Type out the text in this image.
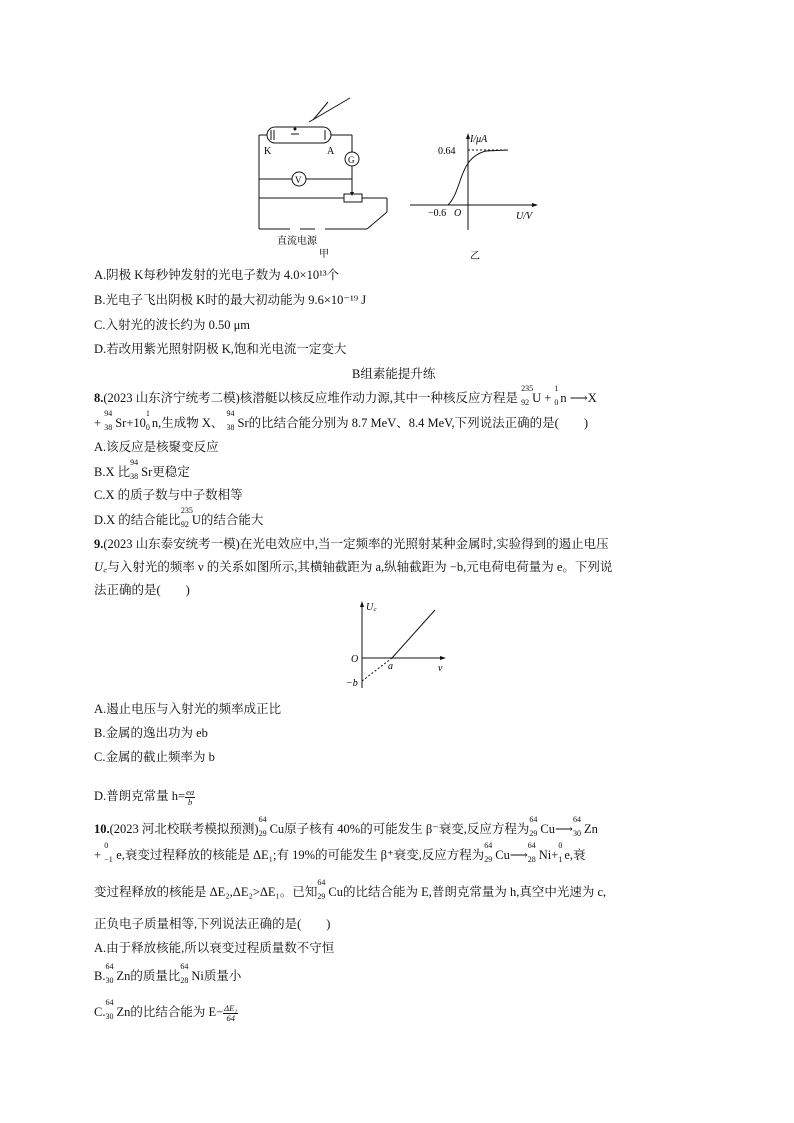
K	A
G
V
直流电源
甲
I/μA
U/V
0.64
−0.6 O
乙
A.阴极 K每秒钟发射的光电子数为 4.0×10¹³个
B.光电子飞出阴极 K时的最大初动能为 9.6×10⁻¹⁹ J
C.入射光的波长约为 0.50 μm
D.若改用紫光照射阴极 K,饱和光电流一定变大
B组素能提升练
8.(2023 山东济宁统考二模)核潜艇以核反应堆作动力源,其中一种核反应方程是
235
92 U +
1
0 n ⟶X
+
94
38 Sr+10
1
0 n,生成物 X、
94
38 Sr的比结合能分别为 8.7 MeV、8.4 MeV,下列说法正确的是(　　)
A.该反应是核聚变反应
B.X 比
94
38 Sr更稳定
C.X 的质子数与中子数相等
D.X 的结合能比
235
92 U的结合能大
9.(2023 山东泰安统考一模)在光电效应中,当一定频率的光照射某种金属时,实验得到的遏止电压
U꜀与入射光的频率 ν 的关系如图所示,其横轴截距为 a,纵轴截距为 −b,元电荷电荷量为 e。下列说
法正确的是(　　)
U꜀
ν
O
a
−b
A.遏止电压与入射光的频率成正比
B.金属的逸出功为 eb
C.金属的截止频率为 b
D.普朗克常量 $h= \frac{ea}{b}$
10.(2023 河北校联考模拟预测)
64
29 Cu原子核有 40%的可能发生 β⁻衰变,反应方程为
64
29 Cu⟶
64
30 Zn
+
0
−1 e,衰变过程释放的核能是 ΔE₁;有 19%的可能发生 β⁺衰变,反应方程为
64
29 Cu⟶
64
28 Ni+
0
1 e,衰
变过程释放的核能是 ΔE₂,ΔE₂>ΔE₁。已知
64
29 Cu的比结合能为 E,普朗克常量为 h,真空中光速为 c,
正负电子质量相等,下列说法正确的是(　　)
A.由于释放核能,所以衰变过程质量数不守恒
B.
64
30 Zn的质量比
64
28 Ni质量小
C.
64
30 Zn的比结合能为 $E- \frac{\text{ΔE₁}}{64}$
